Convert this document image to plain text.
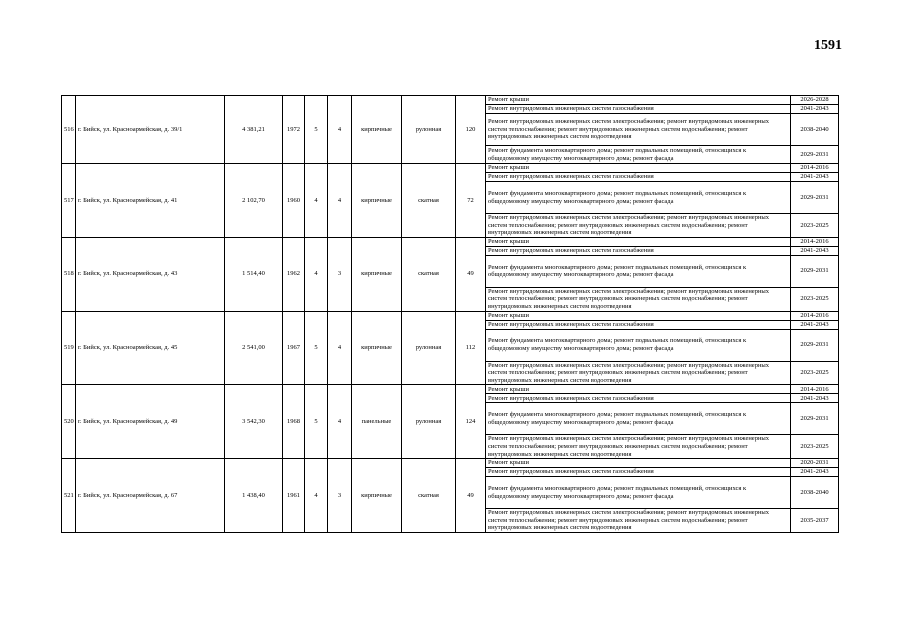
1591
516	г. Бийск, ул. Красноармейская, д. 39/1	4 381,21	1972	5	4	кирпичные	рулонная	120	Ремонт крыши	2026-2028
									Ремонт внутридомовых инженерных систем газоснабжения	2041-2043
									Ремонт внутридомовых инженерных систем электроснабжения; ремонт внутридомовых инженерных систем теплоснабжения; ремонт внутридомовых инженерных систем водоснабжения; ремонт внутридомовых инженерных систем водоотведения	2038-2040
									Ремонт фундамента многоквартирного дома; ремонт подвальных помещений, относящихся к общедомовому имуществу многоквартирного дома; ремонт фасада	2029-2031
517	г. Бийск, ул. Красноармейская, д. 41	2 102,70	1960	4	4	кирпичные	скатная	72	Ремонт крыши	2014-2016
									Ремонт внутридомовых инженерных систем газоснабжения	2041-2043
									Ремонт фундамента многоквартирного дома; ремонт подвальных помещений, относящихся к общедомовому имуществу многоквартирного дома; ремонт фасада	2029-2031
									Ремонт внутридомовых инженерных систем электроснабжения; ремонт внутридомовых инженерных систем теплоснабжения; ремонт внутридомовых инженерных систем водоснабжения; ремонт внутридомовых инженерных систем водоотведения	2023-2025
518	г. Бийск, ул. Красноармейская, д. 43	1 514,40	1962	4	3	кирпичные	скатная	49	Ремонт крыши	2014-2016
									Ремонт внутридомовых инженерных систем газоснабжения	2041-2043
									Ремонт фундамента многоквартирного дома; ремонт подвальных помещений, относящихся к общедомовому имуществу многоквартирного дома; ремонт фасада	2029-2031
									Ремонт внутридомовых инженерных систем электроснабжения; ремонт внутридомовых инженерных систем теплоснабжения; ремонт внутридомовых инженерных систем водоснабжения; ремонт внутридомовых инженерных систем водоотведения	2023-2025
519	г. Бийск, ул. Красноармейская, д. 45	2 541,00	1967	5	4	кирпичные	рулонная	112	Ремонт крыши	2014-2016
									Ремонт внутридомовых инженерных систем газоснабжения	2041-2043
									Ремонт фундамента многоквартирного дома; ремонт подвальных помещений, относящихся к общедомовому имуществу многоквартирного дома; ремонт фасада	2029-2031
									Ремонт внутридомовых инженерных систем электроснабжения; ремонт внутридомовых инженерных систем теплоснабжения; ремонт внутридомовых инженерных систем водоснабжения; ремонт внутридомовых инженерных систем водоотведения	2023-2025
520	г. Бийск, ул. Красноармейская, д. 49	3 542,30	1968	5	4	панельные	рулонная	124	Ремонт крыши	2014-2016
									Ремонт внутридомовых инженерных систем газоснабжения	2041-2043
									Ремонт фундамента многоквартирного дома; ремонт подвальных помещений, относящихся к общедомовому имуществу многоквартирного дома; ремонт фасада	2029-2031
									Ремонт внутридомовых инженерных систем электроснабжения; ремонт внутридомовых инженерных систем теплоснабжения; ремонт внутридомовых инженерных систем водоснабжения; ремонт внутридомовых инженерных систем водоотведения	2023-2025
521	г. Бийск, ул. Красноармейская, д. 67	1 438,40	1961	4	3	кирпичные	скатная	49	Ремонт крыши	2020-2031
									Ремонт внутридомовых инженерных систем газоснабжения	2041-2043
									Ремонт фундамента многоквартирного дома; ремонт подвальных помещений, относящихся к общедомовому имуществу многоквартирного дома; ремонт фасада	2038-2040
									Ремонт внутридомовых инженерных систем электроснабжения; ремонт внутридомовых инженерных систем теплоснабжения; ремонт внутридомовых инженерных систем водоснабжения; ремонт внутридомовых инженерных систем водоотведения	2035-2037
